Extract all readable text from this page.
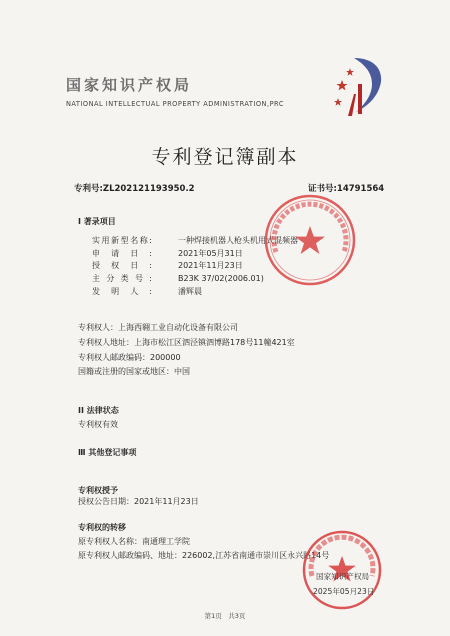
国家知识产权局
NATIONAL INTELLECTUAL PROPERTY ADMINISTRATION,PRC
专利登记簿副本
专利号:ZL202121193950.2	证书号:14791564
I 著录项目
实用新型名称:	一种焊接机器人枪头机用式混频器
申请日:	2021年05月31日
授权日:	2021年11月23日
主分类号:	B23K 37/02(2006.01)
发明人:	潘辉晨
专利权人：上海西翱工业自动化设备有限公司
专利权人地址：上海市松江区泗泾镇泗博路178号11幢421室
专利权人邮政编码：200000
国籍或注册的国家或地区：中国
II 法律状态
专利权有效
Ⅲ 其他登记事项
专利权授予
授权公告日期：2021年11月23日
专利权的转移
原专利权人名称：南通理工学院
原专利权人邮政编码、地址：226002,江苏省南通市崇川区永兴路14号
国家知识产权局
2025年05月23日
第1页　共3页
